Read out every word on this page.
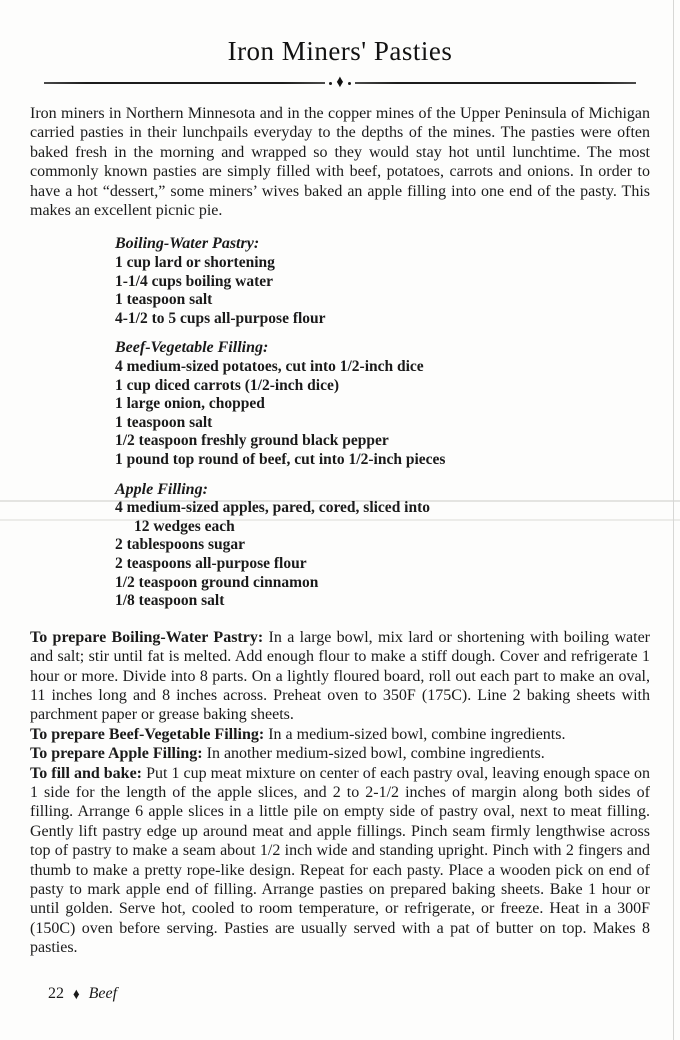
Iron Miners' Pasties
♦

Iron miners in Northern Minnesota and in the copper mines of the Upper Peninsula of Michigan carried pasties in their lunchpails everyday to the depths of the mines. The pasties were often baked fresh in the morning and wrapped so they would stay hot until lunchtime. The most commonly known pasties are simply filled with beef, potatoes, carrots and onions. In order to have a hot “dessert,” some miners’ wives baked an apple filling into one end of the pasty. This makes an excellent picnic pie.

Boiling-Water Pastry:
1 cup lard or shortening
1-1/4 cups boiling water
1 teaspoon salt
4-1/2 to 5 cups all-purpose flour
Beef-Vegetable Filling:
4 medium-sized potatoes, cut into 1/2-inch dice
1 cup diced carrots (1/2-inch dice)
1 large onion, chopped
1 teaspoon salt
1/2 teaspoon freshly ground black pepper
1 pound top round of beef, cut into 1/2-inch pieces
Apple Filling:
4 medium-sized apples, pared, cored, sliced into
12 wedges each
2 tablespoons sugar
2 teaspoons all-purpose flour
1/2 teaspoon ground cinnamon
1/8 teaspoon salt

To prepare Boiling-Water Pastry: In a large bowl, mix lard or shortening with boiling water and salt; stir until fat is melted. Add enough flour to make a stiff dough. Cover and refrigerate 1 hour or more. Divide into 8 parts. On a lightly floured board, roll out each part to make an oval, 11 inches long and 8 inches across. Preheat oven to 350F (175C). Line 2 baking sheets with parchment paper or grease baking sheets.

To prepare Beef-Vegetable Filling: In a medium-sized bowl, combine ingredients.

To prepare Apple Filling: In another medium-sized bowl, combine ingredients.

To fill and bake: Put 1 cup meat mixture on center of each pastry oval, leaving enough space on 1 side for the length of the apple slices, and 2 to 2-1/2 inches of margin along both sides of filling. Arrange 6 apple slices in a little pile on empty side of pastry oval, next to meat filling. Gently lift pastry edge up around meat and apple fillings. Pinch seam firmly lengthwise across top of pastry to make a seam about 1/2 inch wide and standing upright. Pinch with 2 fingers and thumb to make a pretty rope-like design. Repeat for each pasty. Place a wooden pick on end of pasty to mark apple end of filling. Arrange pasties on prepared baking sheets. Bake 1 hour or until golden. Serve hot, cooled to room temperature, or refrigerate, or freeze. Heat in a 300F (150C) oven before serving. Pasties are usually served with a pat of butter on top. Makes 8 pasties.

22 ♦ Beef
